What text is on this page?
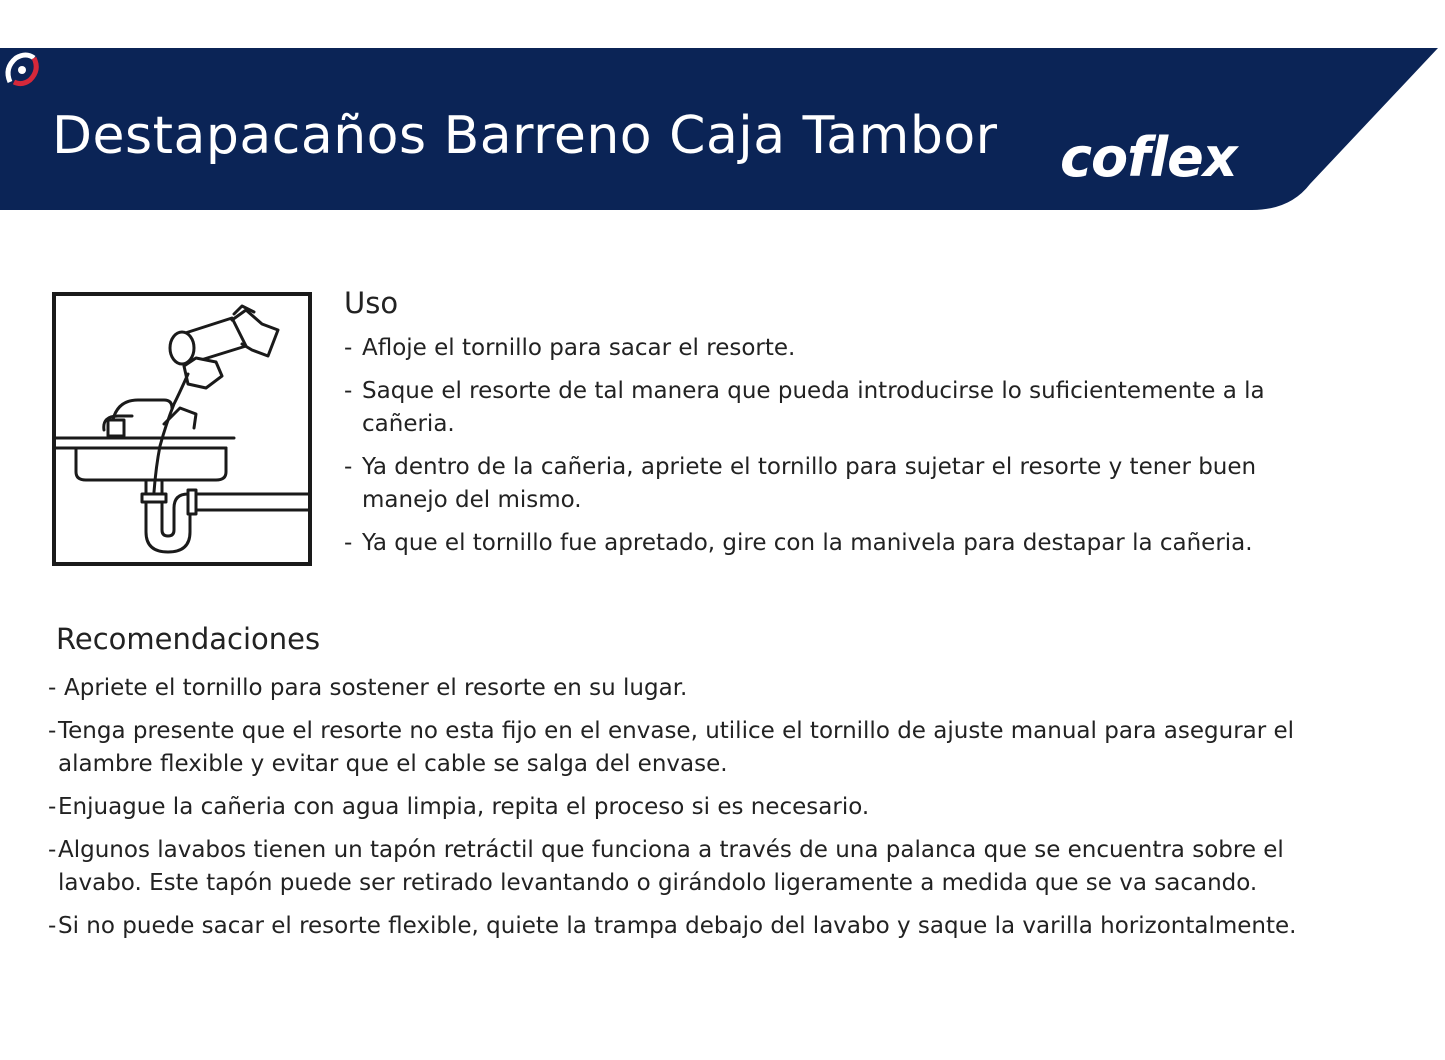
Destapacaños Barreno Caja Tambor coflex
Uso
- Afloje el tornillo para sacar el resorte.
- Saque el resorte de tal manera que pueda introducirse lo suficientemente a la cañeria.
- Ya dentro de la cañeria, apriete el tornillo para sujetar el resorte y tener buen manejo del mismo.
- Ya que el tornillo fue apretado, gire con la manivela para destapar la cañeria.
Recomendaciones
- Apriete el tornillo para sostener el resorte en su lugar.
- Tenga presente que el resorte no esta fijo en el envase, utilice el tornillo de ajuste manual para asegurar el alambre flexible y evitar que el cable se salga del envase.
- Enjuague la cañeria con agua limpia, repita el proceso si es necesario.
- Algunos lavabos tienen un tapón retráctil que funciona a través de una palanca que se encuentra sobre el lavabo. Este tapón puede ser retirado levantando o girándolo ligeramente a medida que se va sacando.
- Si no puede sacar el resorte flexible, quiete la trampa debajo del lavabo y saque la varilla horizontalmente.
